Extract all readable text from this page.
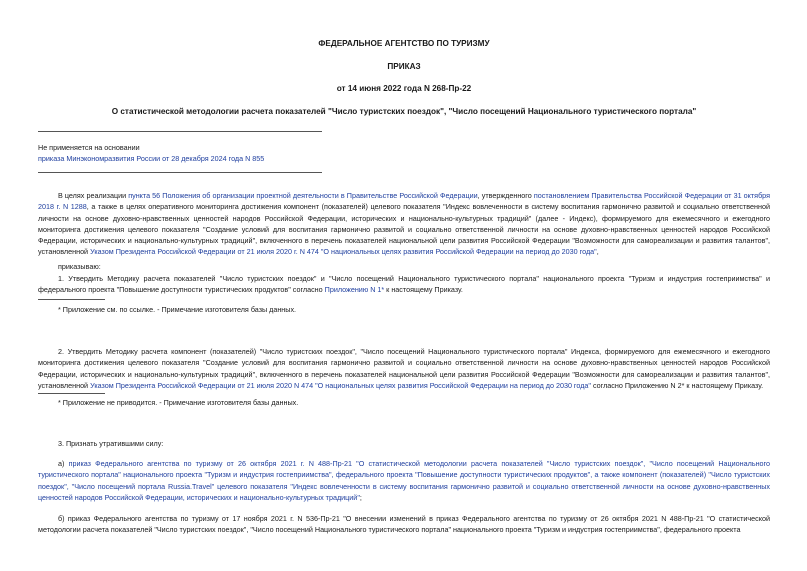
ФЕДЕРАЛЬНОЕ АГЕНТСТВО ПО ТУРИЗМУ
ПРИКАЗ
от 14 июня 2022 года N 268-Пр-22
О статистической методологии расчета показателей "Число туристских поездок", "Число посещений Национального туристического портала"

Не применяется на основании

приказа Минэкономразвития России от 28 декабря 2024 года N 855

В целях реализации пункта 56 Положения об организации проектной деятельности в Правительстве Российской Федерации, утвержденного постановлением Правительства Российской Федерации от 31 октября 2018 г. N 1288, а также в целях оперативного мониторинга достижения компонент (показателей) целевого показателя "Индекс вовлеченности в систему воспитания гармонично развитой и социально ответственной личности на основе духовно-нравственных ценностей народов Российской Федерации, исторических и национально-культурных традиций" (далее - Индекс), формируемого для ежемесячного и ежегодного мониторинга достижения целевого показателя "Создание условий для воспитания гармонично развитой и социально ответственной личности на основе духовно-нравственных ценностей народов Российской Федерации, исторических и национально-культурных традиций", включенного в перечень показателей национальной цели развития Российской Федерации "Возможности для самореализации и развития талантов", установленной Указом Президента Российской Федерации от 21 июля 2020 г. N 474 "О национальных целях развития Российской Федерации на период до 2030 года",
приказываю:
1. Утвердить Методику расчета показателей "Число туристских поездок" и "Число посещений Национального туристического портала" национального проекта "Туризм и индустрия гостеприимства" и федерального проекта "Повышение доступности туристических продуктов" согласно Приложению N 1* к настоящему Приказу.
* Приложение см. по ссылке. - Примечание изготовителя базы данных.
2. Утвердить Методику расчета компонент (показателей) "Число туристских поездок", "Число посещений Национального туристического портала" Индекса, формируемого для ежемесячного и ежегодного мониторинга достижения целевого показателя "Создание условий для воспитания гармонично развитой и социально ответственной личности на основе духовно-нравственных ценностей народов Российской Федерации, исторических и национально-культурных традиций", включенного в перечень показателей национальной цели развития Российской Федерации "Возможности для самореализации и развития талантов", установленной Указом Президента Российской Федерации от 21 июля 2020 N 474 "О национальных целях развития Российской Федерации на период до 2030 года" согласно Приложению N 2* к настоящему Приказу.
* Приложение не приводится. - Примечание изготовителя базы данных.
3. Признать утратившими силу:
а) приказ Федерального агентства по туризму от 26 октября 2021 г. N 488-Пр-21 "О статистической методологии расчета показателей "Число туристских поездок", "Число посещений Национального туристического портала" национального проекта "Туризм и индустрия гостеприимства", федерального проекта "Повышение доступности туристических продуктов", а также компонент (показателей) "Число туристских поездок", "Число посещений портала Russia.Travel" целевого показателя "Индекс вовлеченности в систему воспитания гармонично развитой и социально ответственной личности на основе духовно-нравственных ценностей народов Российской Федерации, исторических и национально-культурных традиций";
б) приказ Федерального агентства по туризму от 17 ноября 2021 г. N 536-Пр-21 "О внесении изменений в приказ Федерального агентства по туризму от 26 октября 2021 N 488-Пр-21 "О статистической методологии расчета показателей "Число туристских поездок", "Число посещений Национального туристического портала" национального проекта "Туризм и индустрия гостеприимства", федерального проекта
